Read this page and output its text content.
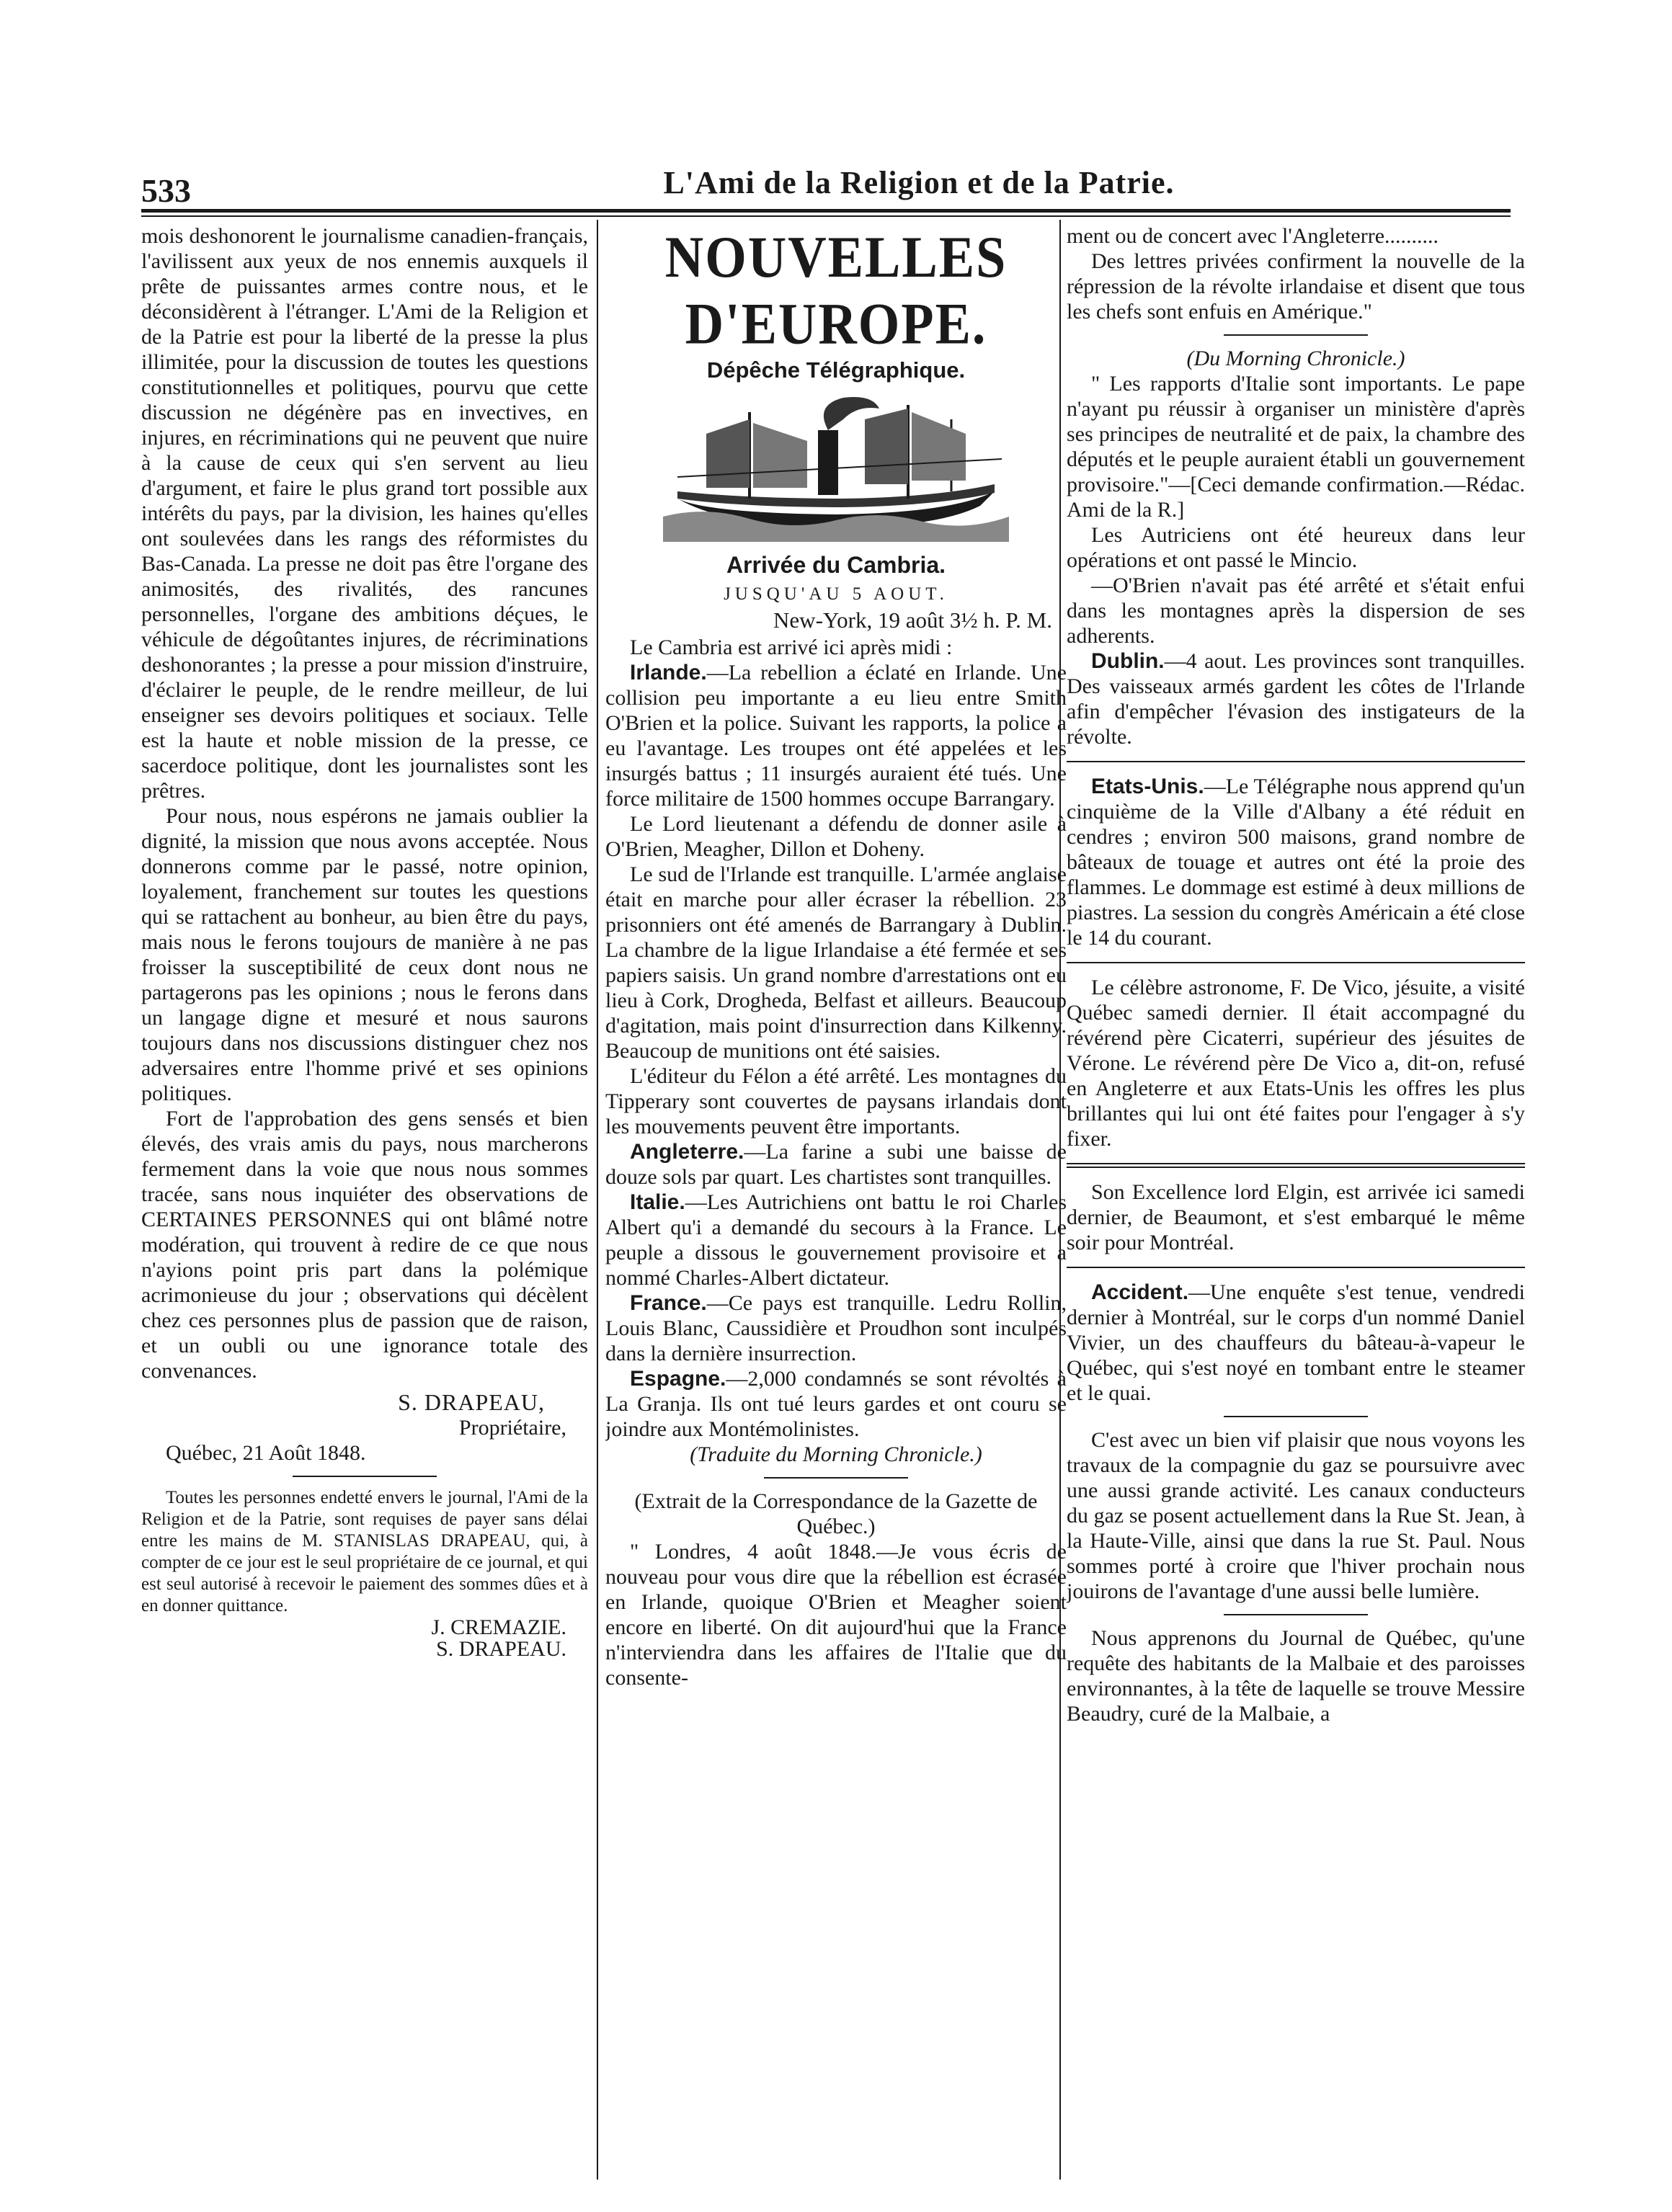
533	L'Ami de la Religion et de la Patrie.

mois deshonorent le journalisme canadien-français, l'avilissent aux yeux de nos ennemis auxquels il prête de puissantes armes contre nous, et le déconsidèrent à l'étranger. L'Ami de la Religion et de la Patrie est pour la liberté de la presse la plus illimitée, pour la discussion de toutes les questions constitutionnelles et politiques, pourvu que cette discussion ne dégénère pas en invectives, en injures, en récriminations qui ne peuvent que nuire à la cause de ceux qui s'en servent au lieu d'argument, et faire le plus grand tort possible aux intérêts du pays, par la division, les haines qu'elles ont soulevées dans les rangs des réformistes du Bas-Canada. La presse ne doit pas être l'organe des animosités, des rivalités, des rancunes personnelles, l'organe des ambitions déçues, le véhicule de dégoûtantes injures, de récriminations deshonorantes ; la presse a pour mission d'instruire, d'éclairer le peuple, de le rendre meilleur, de lui enseigner ses devoirs politiques et sociaux. Telle est la haute et noble mission de la presse, ce sacerdoce politique, dont les journalistes sont les prêtres.

Pour nous, nous espérons ne jamais oublier la dignité, la mission que nous avons acceptée. Nous donnerons comme par le passé, notre opinion, loyalement, franchement sur toutes les questions qui se rattachent au bonheur, au bien être du pays, mais nous le ferons toujours de manière à ne pas froisser la susceptibilité de ceux dont nous ne partagerons pas les opinions ; nous le ferons dans un langage digne et mesuré et nous saurons toujours dans nos discussions distinguer chez nos adversaires entre l'homme privé et ses opinions politiques.

Fort de l'approbation des gens sensés et bien élevés, des vrais amis du pays, nous marcherons fermement dans la voie que nous nous sommes tracée, sans nous inquiéter des observations de CERTAINES PERSONNES qui ont blâmé notre modération, qui trouvent à redire de ce que nous n'ayions point pris part dans la polémique acrimonieuse du jour ; observations qui décèlent chez ces personnes plus de passion que de raison, et un oubli ou une ignorance totale des convenances.

S. DRAPEAU,
Propriétaire,

Québec, 21 Août 1848.

Toutes les personnes endetté envers le journal, l'Ami de la Religion et de la Patrie, sont requises de payer sans délai entre les mains de M. STANISLAS DRAPEAU, qui, à compter de ce jour est le seul propriétaire de ce journal, et qui est seul autorisé à recevoir le paiement des sommes dûes et à en donner quittance.

J. CREMAZIE.
S. DRAPEAU.
NOUVELLES D'EUROPE.
Dépêche Télégraphique.
Arrivée du Cambria.
JUSQU'AU 5 AOUT.
New-York, 19 août 3½ h. P. M.

Le Cambria est arrivé ici après midi :

Irlande.—La rebellion a éclaté en Irlande. Une collision peu importante a eu lieu entre Smith O'Brien et la police. Suivant les rapports, la police a eu l'avantage. Les troupes ont été appelées et les insurgés battus ; 11 insurgés auraient été tués. Une force militaire de 1500 hommes occupe Barrangary.

Le Lord lieutenant a défendu de donner asile à O'Brien, Meagher, Dillon et Doheny.

Le sud de l'Irlande est tranquille. L'armée anglaise était en marche pour aller écraser la rébellion. 23 prisonniers ont été amenés de Barrangary à Dublin. La chambre de la ligue Irlandaise a été fermée et ses papiers saisis. Un grand nombre d'arrestations ont eu lieu à Cork, Drogheda, Belfast et ailleurs. Beaucoup d'agitation, mais point d'insurrection dans Kilkenny. Beaucoup de munitions ont été saisies.

L'éditeur du Félon a été arrêté. Les montagnes du Tipperary sont couvertes de paysans irlandais dont les mouvements peuvent être importants.

Angleterre.—La farine a subi une baisse de douze sols par quart. Les chartistes sont tranquilles.

Italie.—Les Autrichiens ont battu le roi Charles Albert qu'i a demandé du secours à la France. Le peuple a dissous le gouvernement provisoire et a nommé Charles-Albert dictateur.

France.—Ce pays est tranquille. Ledru Rollin, Louis Blanc, Caussidière et Proudhon sont inculpés dans la dernière insurrection.

Espagne.—2,000 condamnés se sont révoltés à La Granja. Ils ont tué leurs gardes et ont couru se joindre aux Montémolinistes.

(Traduite du Morning Chronicle.)

(Extrait de la Correspondance de la Gazette de Québec.)

" Londres, 4 août 1848.—Je vous écris de nouveau pour vous dire que la rébellion est écrasée en Irlande, quoique O'Brien et Meagher soient encore en liberté. On dit aujourd'hui que la France n'interviendra dans les affaires de l'Italie que du consente-

ment ou de concert avec l'Angleterre..........

Des lettres privées confirment la nouvelle de la répression de la révolte irlandaise et disent que tous les chefs sont enfuis en Amérique."

(Du Morning Chronicle.)

" Les rapports d'Italie sont importants. Le pape n'ayant pu réussir à organiser un ministère d'après ses principes de neutralité et de paix, la chambre des députés et le peuple auraient établi un gouvernement provisoire."—[Ceci demande confirmation.—Rédac. Ami de la R.]

Les Autriciens ont été heureux dans leur opérations et ont passé le Mincio.

—O'Brien n'avait pas été arrêté et s'était enfui dans les montagnes après la dispersion de ses adherents.

Dublin.—4 aout. Les provinces sont tranquilles. Des vaisseaux armés gardent les côtes de l'Irlande afin d'empêcher l'évasion des instigateurs de la révolte.

Etats-Unis.—Le Télégraphe nous apprend qu'un cinquième de la Ville d'Albany a été réduit en cendres ; environ 500 maisons, grand nombre de bâteaux de touage et autres ont été la proie des flammes. Le dommage est estimé à deux millions de piastres. La session du congrès Américain a été close le 14 du courant.

Le célèbre astronome, F. De Vico, jésuite, a visité Québec samedi dernier. Il était accompagné du révérend père Cicaterri, supérieur des jésuites de Vérone. Le révérend père De Vico a, dit-on, refusé en Angleterre et aux Etats-Unis les offres les plus brillantes qui lui ont été faites pour l'engager à s'y fixer.

Son Excellence lord Elgin, est arrivée ici samedi dernier, de Beaumont, et s'est embarqué le même soir pour Montréal.

Accident.—Une enquête s'est tenue, vendredi dernier à Montréal, sur le corps d'un nommé Daniel Vivier, un des chauffeurs du bâteau-à-vapeur le Québec, qui s'est noyé en tombant entre le steamer et le quai.

C'est avec un bien vif plaisir que nous voyons les travaux de la compagnie du gaz se poursuivre avec une aussi grande activité. Les canaux conducteurs du gaz se posent actuellement dans la Rue St. Jean, à la Haute-Ville, ainsi que dans la rue St. Paul. Nous sommes porté à croire que l'hiver prochain nous jouirons de l'avantage d'une aussi belle lumière.

Nous apprenons du Journal de Québec, qu'une requête des habitants de la Malbaie et des paroisses environnantes, à la tête de laquelle se trouve Messire Beaudry, curé de la Malbaie, a
